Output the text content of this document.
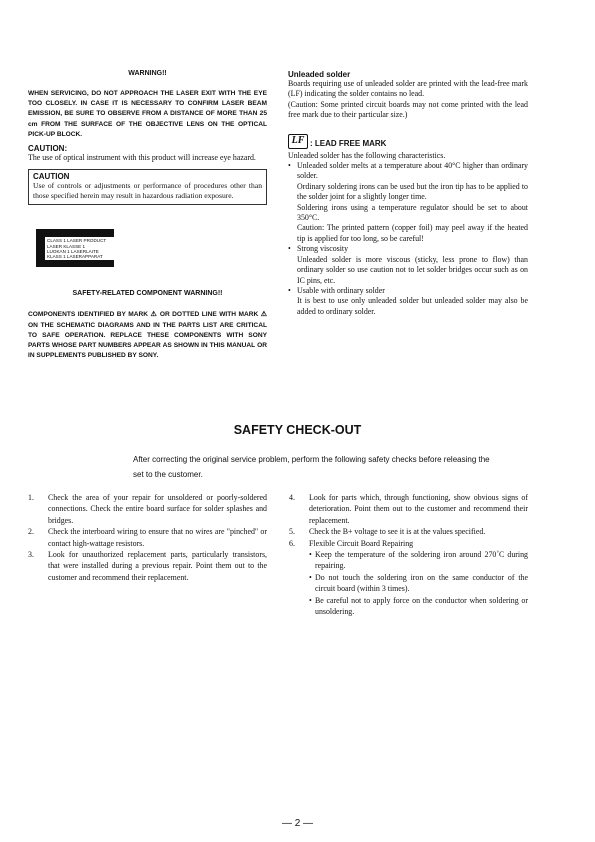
WARNING!!
WHEN SERVICING, DO NOT APPROACH THE LASER EXIT WITH THE EYE TOO CLOSELY. IN CASE IT IS NECESSARY TO CONFIRM LASER BEAM EMISSION, BE SURE TO OBSERVE FROM A DISTANCE OF MORE THAN 25 cm FROM THE SURFACE OF THE OBJECTIVE LENS ON THE OPTICAL PICK-UP BLOCK.
CAUTION:
The use of optical instrument with this product will increase eye hazard.
CAUTION
Use of controls or adjustments or performance of procedures other than those specified herein may result in hazardous radiation exposure.
CLASS 1 LASER PRODUCT
LASER KLASSE 1
LUOKAN 1 LASERLAITE
KLASS 1 LASERAPPARAT
SAFETY-RELATED COMPONENT WARNING!!
COMPONENTS IDENTIFIED BY MARK ⚠ OR DOTTED LINE WITH MARK ⚠ ON THE SCHEMATIC DIAGRAMS AND IN THE PARTS LIST ARE CRITICAL TO SAFE OPERATION. REPLACE THESE COMPONENTS WITH SONY PARTS WHOSE PART NUMBERS APPEAR AS SHOWN IN THIS MANUAL OR IN SUPPLEMENTS PUBLISHED BY SONY.
Unleaded solder
Boards requiring use of unleaded solder are printed with the lead-free mark (LF) indicating the solder contains no lead.
(Caution: Some printed circuit boards may not come printed with the lead free mark due to their particular size.)
LF : LEAD FREE MARK
Unleaded solder has the following characteristics.
• Unleaded solder melts at a temperature about 40°C higher than ordinary solder.
Ordinary soldering irons can be used but the iron tip has to be applied to the solder joint for a slightly longer time.
Soldering irons using a temperature regulator should be set to about 350°C.
Caution: The printed pattern (copper foil) may peel away if the heated tip is applied for too long, so be careful!
• Strong viscosity
Unleaded solder is more viscous (sticky, less prone to flow) than ordinary solder so use caution not to let solder bridges occur such as on IC pins, etc.
• Usable with ordinary solder
It is best to use only unleaded solder but unleaded solder may also be added to ordinary solder.
SAFETY CHECK-OUT
After correcting the original service problem, perform the following safety checks before releasing the set to the customer.
1. Check the area of your repair for unsoldered or poorly-soldered connections. Check the entire board surface for solder splashes and bridges.
2. Check the interboard wiring to ensure that no wires are "pinched" or contact high-wattage resistors.
3. Look for unauthorized replacement parts, particularly transistors, that were installed during a previous repair. Point them out to the customer and recommend their replacement.
4. Look for parts which, through functioning, show obvious signs of deterioration. Point them out to the customer and recommend their replacement.
5. Check the B+ voltage to see it is at the values specified.
6. Flexible Circuit Board Repairing
• Keep the temperature of the soldering iron around 270˚C during repairing.
• Do not touch the soldering iron on the same conductor of the circuit board (within 3 times).
• Be careful not to apply force on the conductor when soldering or unsoldering.
— 2 —
